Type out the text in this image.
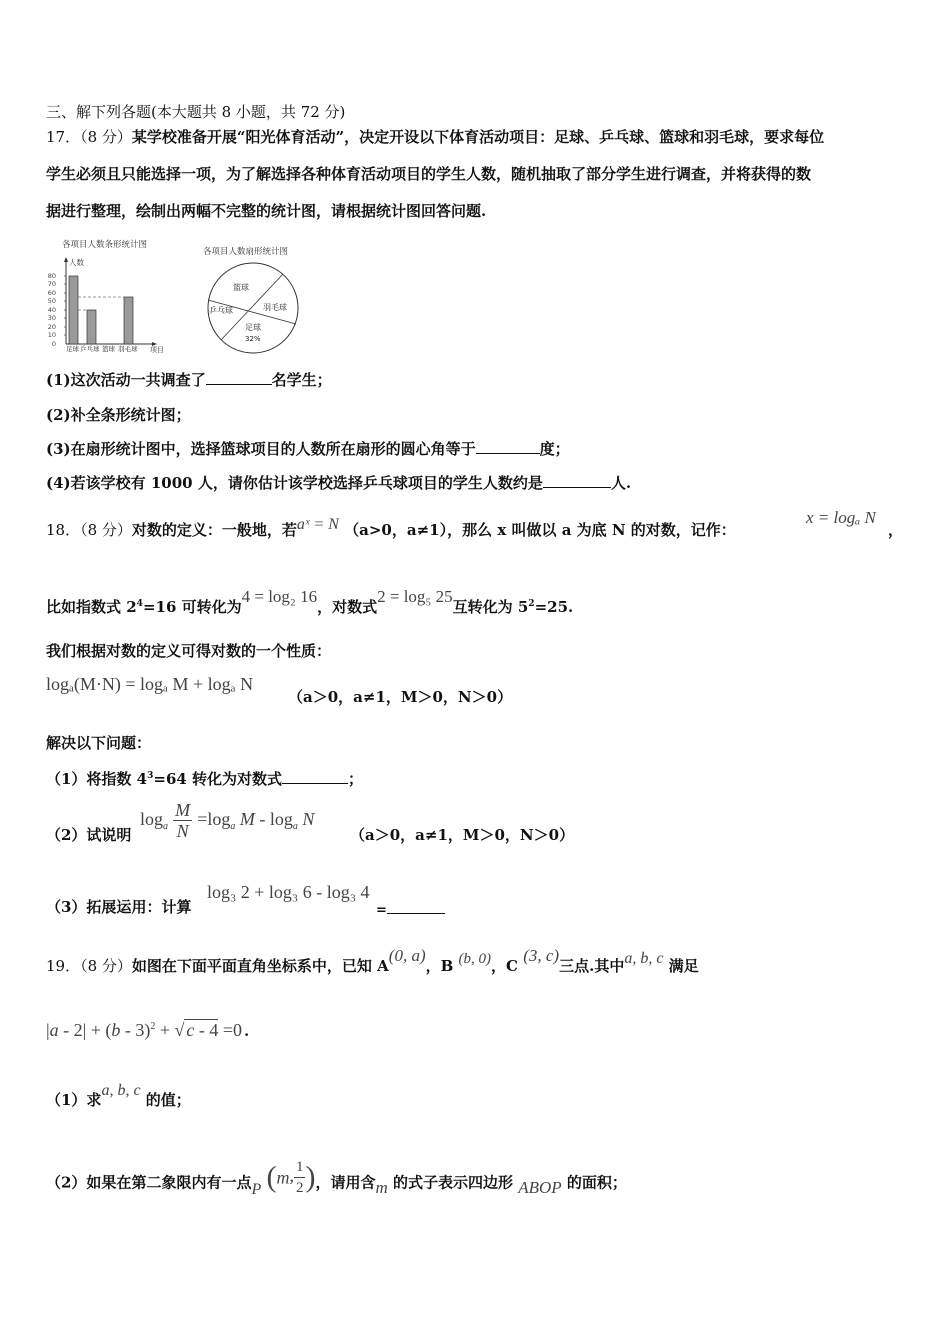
三、解下列各题(本大题共 8 小题，共 72 分)
17．（8 分）某学校准备开展“阳光体育活动”，决定开设以下体育活动项目：足球、乒乓球、篮球和羽毛球，要求每位
学生必须且只能选择一项，为了解选择各种体育活动项目的学生人数，随机抽取了部分学生进行调查，并将获得的数
据进行整理，绘制出两幅不完整的统计图，请根据统计图回答问题.
各项目人数条形统计图
人数
项目
0
10
20
30
40
50
60
70
80
足球 乒乓球 篮球 羽毛球
各项目人数扇形统计图
篮球
羽毛球
足球
乒乓球
32%
(1)这次活动一共调查了	名学生；
(2)补全条形统计图；
(3)在扇形统计图中，选择篮球项目的人数所在扇形的圆心角等于	度；
(4)若该学校有 1000 人，请你估计该学校选择乒乓球项目的学生人数约是	人.
18．（8 分）对数的定义：一般地，若aˣ = N （a>0，a≠1），那么 x 叫做以 a 为底 N 的对数，记作：
x = logₐ N
，
比如指数式 $2^4=16$ 可转化为4 = log₂ 16，对数式2 = log₅ 25互转化为 $5^2=25$.
我们根据对数的定义可得对数的一个性质：
logₐ(M·N) = logₐ M + logₐ N
（a＞0，a≠1，M＞0，N＞0）
解决以下问题：
（1）将指数 $4^3=64$ 转化为对数式	；
（2）试说明
$\log_a \frac{M}{N} =\log_a$ M - $\log_a N$
（a＞0，a≠1，M＞0，N＞0）
（3）拓展运用：计算
log₃ 2 + log₃ 6 - log₃ 4
=
19．（8 分）如图在下面平面直角坐标系中，已知 A(0, a)，B (b, 0)，C (3, c)三点.其中a, b, c 满足
|a - 2| + (b - 3)$^2$ + √ c - 4 =0 .
（1）求a, b, c 的值；
（2）如果在第二象限内有一点P (m, $\frac{1}{2}$ )，请用含m 的式子表示四边形 ABOP 的面积；
